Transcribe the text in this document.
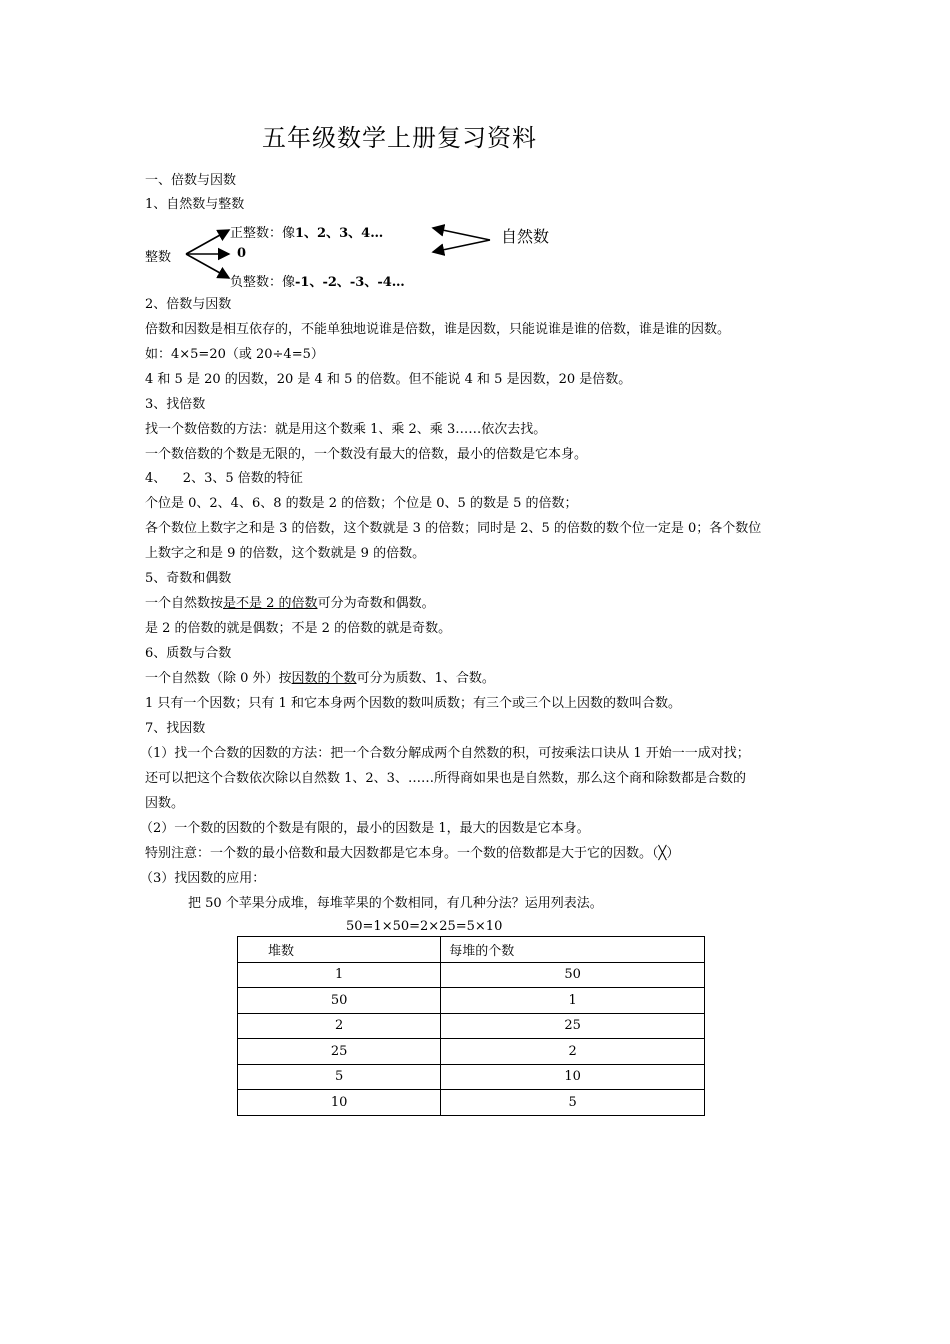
五年级数学上册复习资料
一、倍数与因数
1、自然数与整数
整数
正整数：像1、2、3、4…
0
负整数：像-1、-2、-3、-4…
自然数
2、倍数与因数
倍数和因数是相互依存的，不能单独地说谁是倍数，谁是因数，只能说谁是谁的倍数，谁是谁的因数。
如：4×5=20（或 20÷4=5）
4 和 5 是 20 的因数，20 是 4 和 5 的倍数。但不能说 4 和 5 是因数，20 是倍数。
3、找倍数
找一个数倍数的方法：就是用这个数乘 1、乘 2、乘 3……依次去找。
一个数倍数的个数是无限的，一个数没有最大的倍数，最小的倍数是它本身。
4、    2、3、5 倍数的特征
个位是 0、2、4、6、8 的数是 2 的倍数；个位是 0、5 的数是 5 的倍数；
各个数位上数字之和是 3 的倍数，这个数就是 3 的倍数；同时是 2、5 的倍数的数个位一定是 0；各个数位
上数字之和是 9 的倍数，这个数就是 9 的倍数。
5、奇数和偶数
一个自然数按是不是 2 的倍数可分为奇数和偶数。
是 2 的倍数的就是偶数；不是 2 的倍数的就是奇数。
6、质数与合数
一个自然数（除 0 外）按因数的个数可分为质数、1、合数。
1 只有一个因数；只有 1 和它本身两个因数的数叫质数；有三个或三个以上因数的数叫合数。
7、找因数
（1）找一个合数的因数的方法：把一个合数分解成两个自然数的积，可按乘法口诀从 1 开始一一成对找；
还可以把这个合数依次除以自然数 1、2、3、……所得商如果也是自然数，那么这个商和除数都是合数的
因数。
（2）一个数的因数的个数是有限的，最小的因数是 1，最大的因数是它本身。
特别注意：一个数的最小倍数和最大因数都是它本身。一个数的倍数都是大于它的因数。（╳）
（3）找因数的应用：
把 50 个苹果分成堆，每堆苹果的个数相同，有几种分法？运用列表法。
50=1×50=2×25=5×10
堆数	每堆的个数
1	50
50	1
2	25
25	2
5	10
10	5
